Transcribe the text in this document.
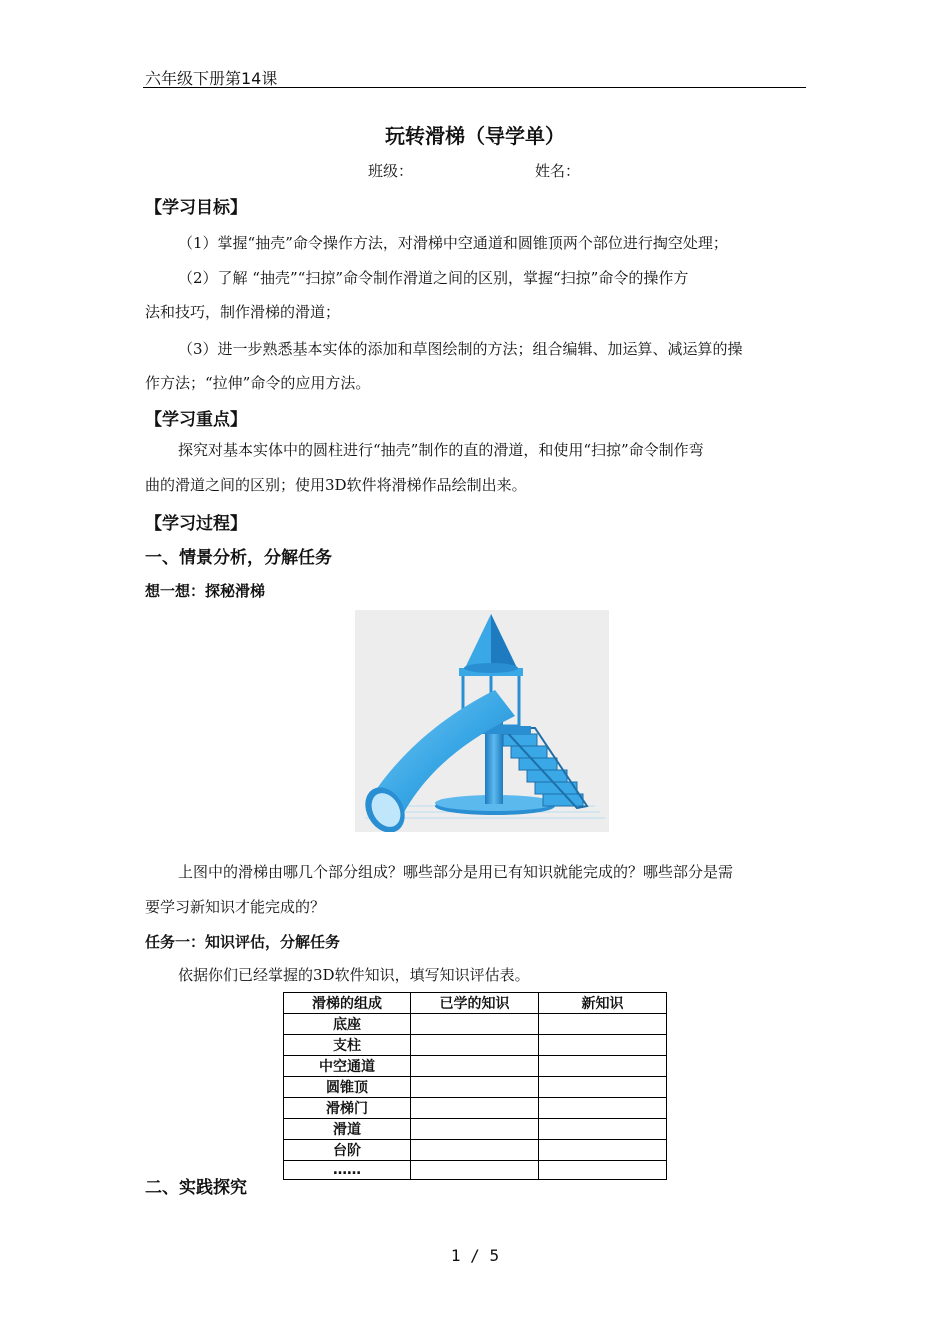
六年级下册第14课
玩转滑梯（导学单）
班级：	姓名：
【学习目标】
（1）掌握“抽壳”命令操作方法，对滑梯中空通道和圆锥顶两个部位进行掏空处理；
（2）了解 “抽壳”“扫掠”命令制作滑道之间的区别，掌握“扫掠”命令的操作方
法和技巧，制作滑梯的滑道；
（3）进一步熟悉基本实体的添加和草图绘制的方法；组合编辑、加运算、减运算的操
作方法；“拉伸”命令的应用方法。
【学习重点】
探究对基本实体中的圆柱进行“抽壳”制作的直的滑道，和使用“扫掠”命令制作弯
曲的滑道之间的区别；使用3D软件将滑梯作品绘制出来。
【学习过程】
一、情景分析，分解任务
想一想：探秘滑梯
上图中的滑梯由哪几个部分组成？哪些部分是用已有知识就能完成的？哪些部分是需
要学习新知识才能完成的？
任务一：知识评估，分解任务
依据你们已经掌握的3D软件知识，填写知识评估表。
滑梯的组成	已学的知识	新知识
底座		
支柱		
中空通道		
圆锥顶		
滑梯门		
滑道		
台阶		
……		
二、实践探究
1 / 5
